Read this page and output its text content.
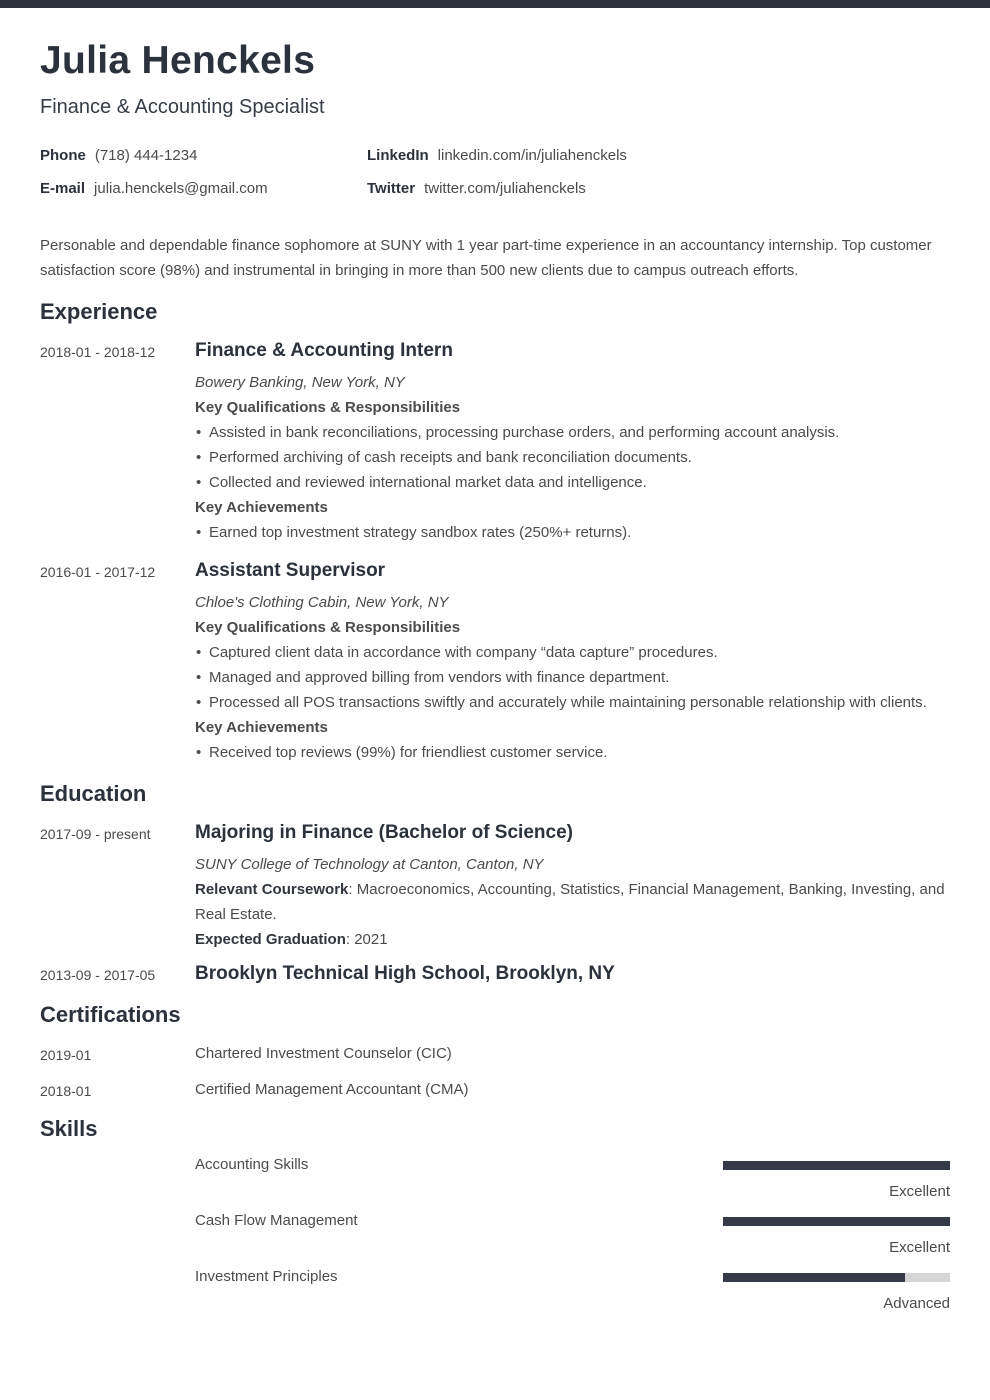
Julia Henckels
Finance & Accounting Specialist
Phone (718) 444-1234	LinkedIn linkedin.com/in/juliahenckels
E-mail julia.henckels@gmail.com	Twitter twitter.com/juliahenckels

Personable and dependable finance sophomore at SUNY with 1 year part-time experience in an accountancy internship. Top customer satisfaction score (98%) and instrumental in bringing in more than 500 new clients due to campus outreach efforts.

Experience
2018-01 - 2018-12	Finance & Accounting Intern
Bowery Banking, New York, NY
Key Qualifications & Responsibilities
• Assisted in bank reconciliations, processing purchase orders, and performing account analysis.
• Performed archiving of cash receipts and bank reconciliation documents.
• Collected and reviewed international market data and intelligence.
Key Achievements
• Earned top investment strategy sandbox rates (250%+ returns).
2016-01 - 2017-12	Assistant Supervisor
Chloe's Clothing Cabin, New York, NY
Key Qualifications & Responsibilities
• Captured client data in accordance with company “data capture” procedures.
• Managed and approved billing from vendors with finance department.
• Processed all POS transactions swiftly and accurately while maintaining personable relationship with clients.
Key Achievements
• Received top reviews (99%) for friendliest customer service.
Education
2017-09 - present	Majoring in Finance (Bachelor of Science)
SUNY College of Technology at Canton, Canton, NY
Relevant Coursework: Macroeconomics, Accounting, Statistics, Financial Management, Banking, Investing, and Real Estate.
Expected Graduation: 2021
2013-09 - 2017-05	Brooklyn Technical High School, Brooklyn, NY
Certifications
2019-01	Chartered Investment Counselor (CIC)
2018-01	Certified Management Accountant (CMA)
Skills
Accounting Skills
Excellent
Cash Flow Management
Excellent
Investment Principles
Advanced
